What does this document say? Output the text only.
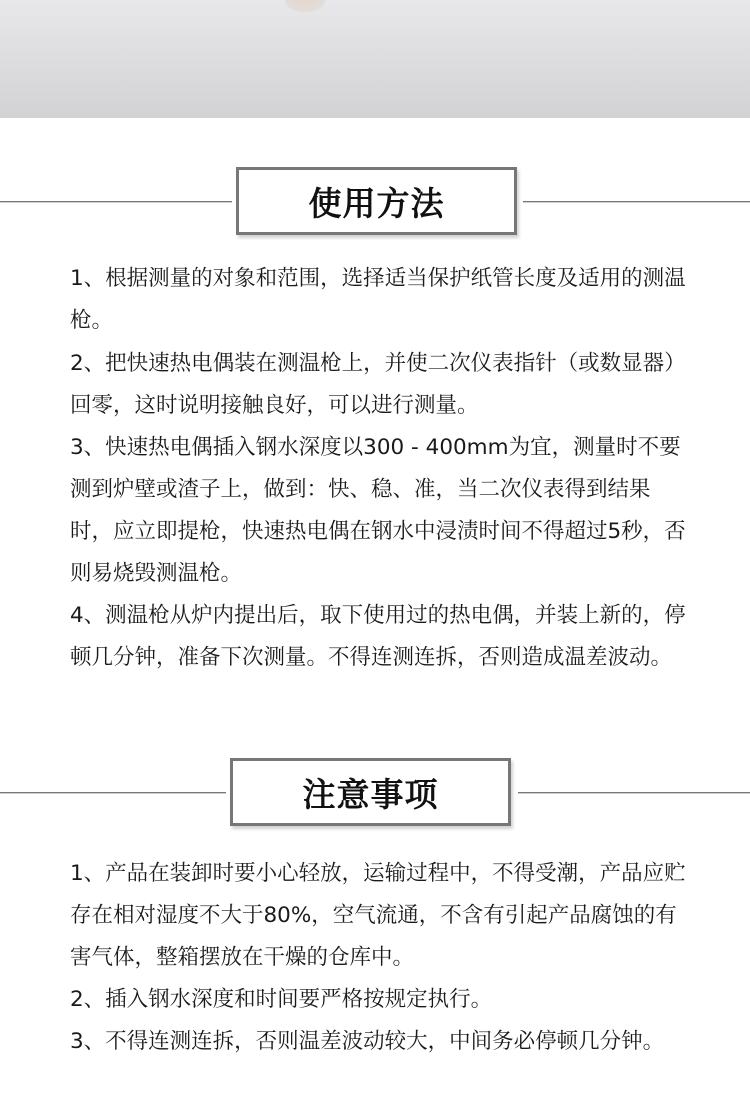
使用方法

1、根据测量的对象和范围，选择适当保护纸管长度及适用的测温枪。

2、把快速热电偶装在测温枪上，并使二次仪表指针（或数显器）回零，这时说明接触良好，可以进行测量。

3、快速热电偶插入钢水深度以300 - 400mm为宜，测量时不要测到炉壁或渣子上，做到：快、稳、准，当二次仪表得到结果时，应立即提枪，快速热电偶在钢水中浸渍时间不得超过5秒，否则易烧毁测温枪。

4、测温枪从炉内提出后，取下使用过的热电偶，并装上新的，停顿几分钟，准备下次测量。不得连测连拆，否则造成温差波动。

注意事项

1、产品在装卸时要小心轻放，运输过程中，不得受潮，产品应贮存在相对湿度不大于80%，空气流通，不含有引起产品腐蚀的有害气体，整箱摆放在干燥的仓库中。

2、插入钢水深度和时间要严格按规定执行。

3、不得连测连拆，否则温差波动较大，中间务必停顿几分钟。
